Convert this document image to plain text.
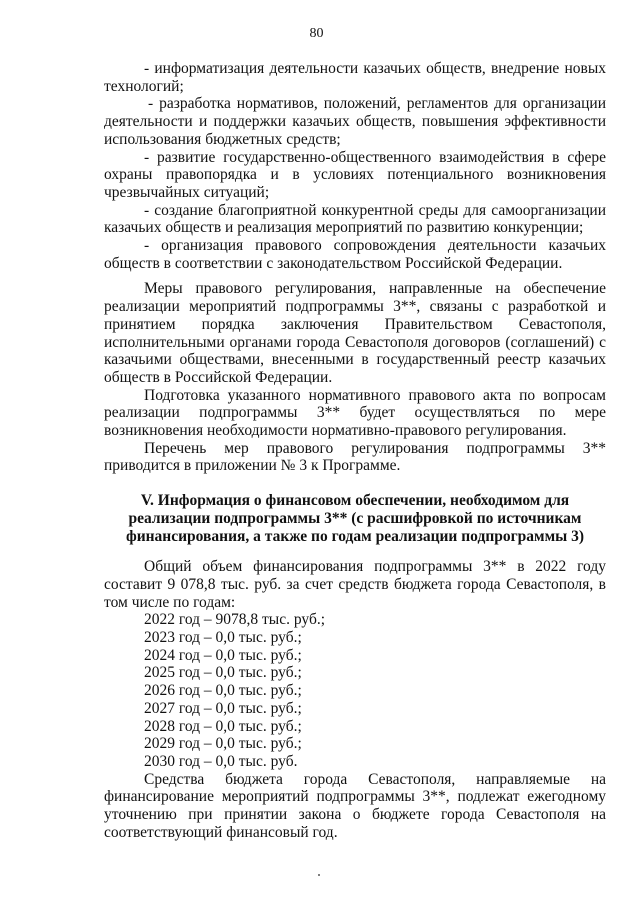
80

- информатизация деятельности казачьих обществ, внедрение новых технологий;

- разработка нормативов, положений, регламентов для организации деятельности и поддержки казачьих обществ, повышения эффективности использования бюджетных средств;

- развитие государственно-общественного взаимодействия в сфере охраны правопорядка и в условиях потенциального возникновения чрезвычайных ситуаций;

- создание благоприятной конкурентной среды для самоорганизации казачьих обществ и реализация мероприятий по развитию конкуренции;

- организация правового сопровождения деятельности казачьих обществ в соответствии с законодательством Российской Федерации.

Меры правового регулирования, направленные на обеспечение реализации мероприятий подпрограммы 3**, связаны с разработкой и принятием порядка заключения Правительством Севастополя, исполнительными органами города Севастополя договоров (соглашений) с казачьими обществами, внесенными в государственный реестр казачьих обществ в Российской Федерации.

Подготовка указанного нормативного правового акта по вопросам реализации подпрограммы 3** будет осуществляться по мере возникновения необходимости нормативно-правового регулирования.

Перечень мер правового регулирования подпрограммы 3** приводится в приложении № 3 к Программе.

V. Информация о финансовом обеспечении, необходимом для реализации подпрограммы 3** (с расшифровкой по источникам финансирования, а также по годам реализации подпрограммы 3)

Общий объем финансирования подпрограммы 3** в 2022 году составит 9 078,8 тыс. руб. за счет средств бюджета города Севастополя, в том числе по годам:

2022 год – 9078,8 тыс. руб.;
2023 год – 0,0 тыс. руб.;
2024 год – 0,0 тыс. руб.;
2025 год – 0,0 тыс. руб.;
2026 год – 0,0 тыс. руб.;
2027 год – 0,0 тыс. руб.;
2028 год – 0,0 тыс. руб.;
2029 год – 0,0 тыс. руб.;
2030 год – 0,0 тыс. руб.

Средства бюджета города Севастополя, направляемые на финансирование мероприятий подпрограммы 3**, подлежат ежегодному уточнению при принятии закона о бюджете города Севастополя на соответствующий финансовый год.
